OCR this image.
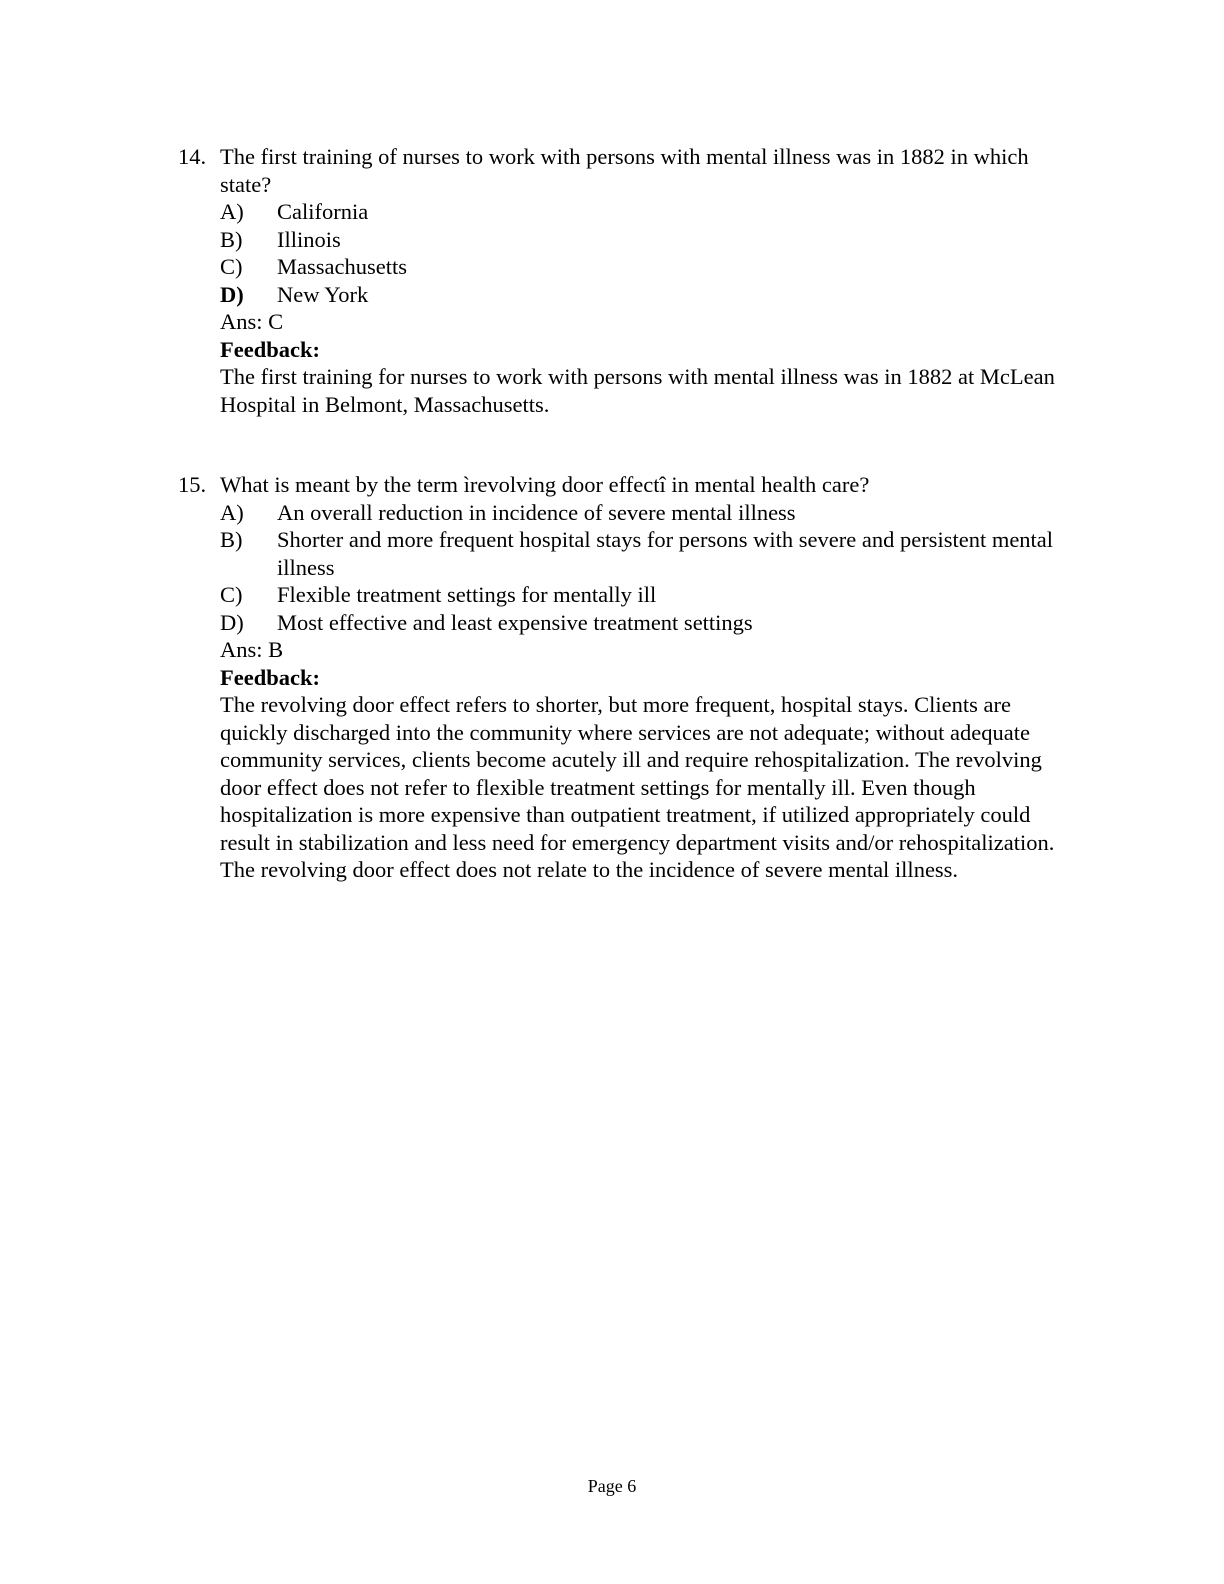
14. The first training of nurses to work with persons with mental illness was in 1882 in which state?
A)	California
B)	Illinois
C)	Massachusetts
D)	New York
Ans: C
Feedback:
The first training for nurses to work with persons with mental illness was in 1882 at McLean Hospital in Belmont, Massachusetts.
15. What is meant by the term ìrevolving door effectî in mental health care?
A)	An overall reduction in incidence of severe mental illness
B)	Shorter and more frequent hospital stays for persons with severe and persistent mental illness
C)	Flexible treatment settings for mentally ill
D)	Most effective and least expensive treatment settings
Ans: B
Feedback:
The revolving door effect refers to shorter, but more frequent, hospital stays. Clients are quickly discharged into the community where services are not adequate; without adequate community services, clients become acutely ill and require rehospitalization. The revolving door effect does not refer to flexible treatment settings for mentally ill. Even though hospitalization is more expensive than outpatient treatment, if utilized appropriately could result in stabilization and less need for emergency department visits and/or rehospitalization. The revolving door effect does not relate to the incidence of severe mental illness.
Page 6
